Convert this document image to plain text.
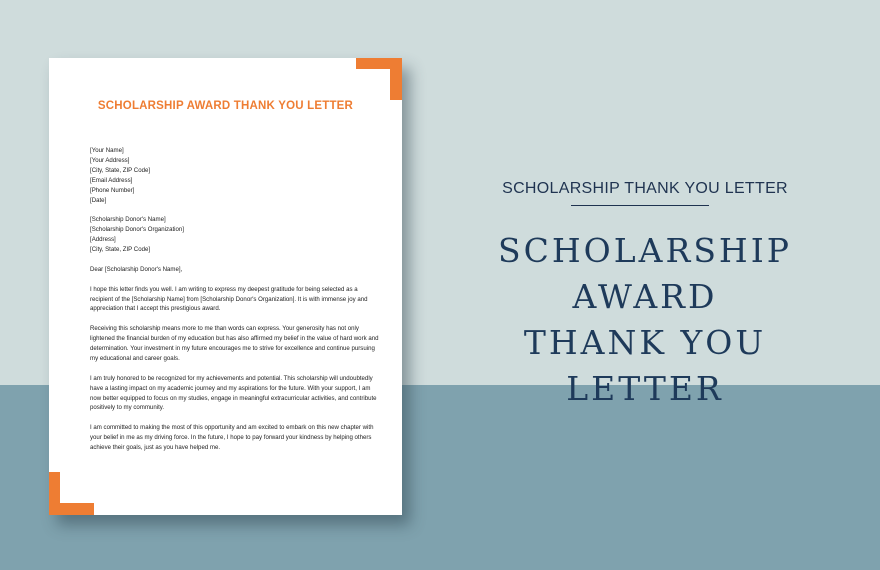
SCHOLARSHIP AWARD THANK YOU LETTER

[Your Name]
[Your Address]
[City, State, ZIP Code]
[Email Address]
[Phone Number]
[Date]

[Scholarship Donor's Name]
[Scholarship Donor's Organization]
[Address]
[City, State, ZIP Code]

Dear [Scholarship Donor's Name],

I hope this letter finds you well. I am writing to express my deepest gratitude for being selected as a recipient of the [Scholarship Name] from [Scholarship Donor's Organization]. It is with immense joy and appreciation that I accept this prestigious award.

Receiving this scholarship means more to me than words can express. Your generosity has not only lightened the financial burden of my education but has also affirmed my belief in the value of hard work and determination. Your investment in my future encourages me to strive for excellence and continue pursuing my educational and career goals.

I am truly honored to be recognized for my achievements and potential. This scholarship will undoubtedly have a lasting impact on my academic journey and my aspirations for the future. With your support, I am now better equipped to focus on my studies, engage in meaningful extracurricular activities, and contribute positively to my community.

I am committed to making the most of this opportunity and am excited to embark on this new chapter with your belief in me as my driving force. In the future, I hope to pay forward your kindness by helping others achieve their goals, just as you have helped me.

SCHOLARSHIP THANK YOU LETTER
SCHOLARSHIP AWARD
THANK YOU LETTER
